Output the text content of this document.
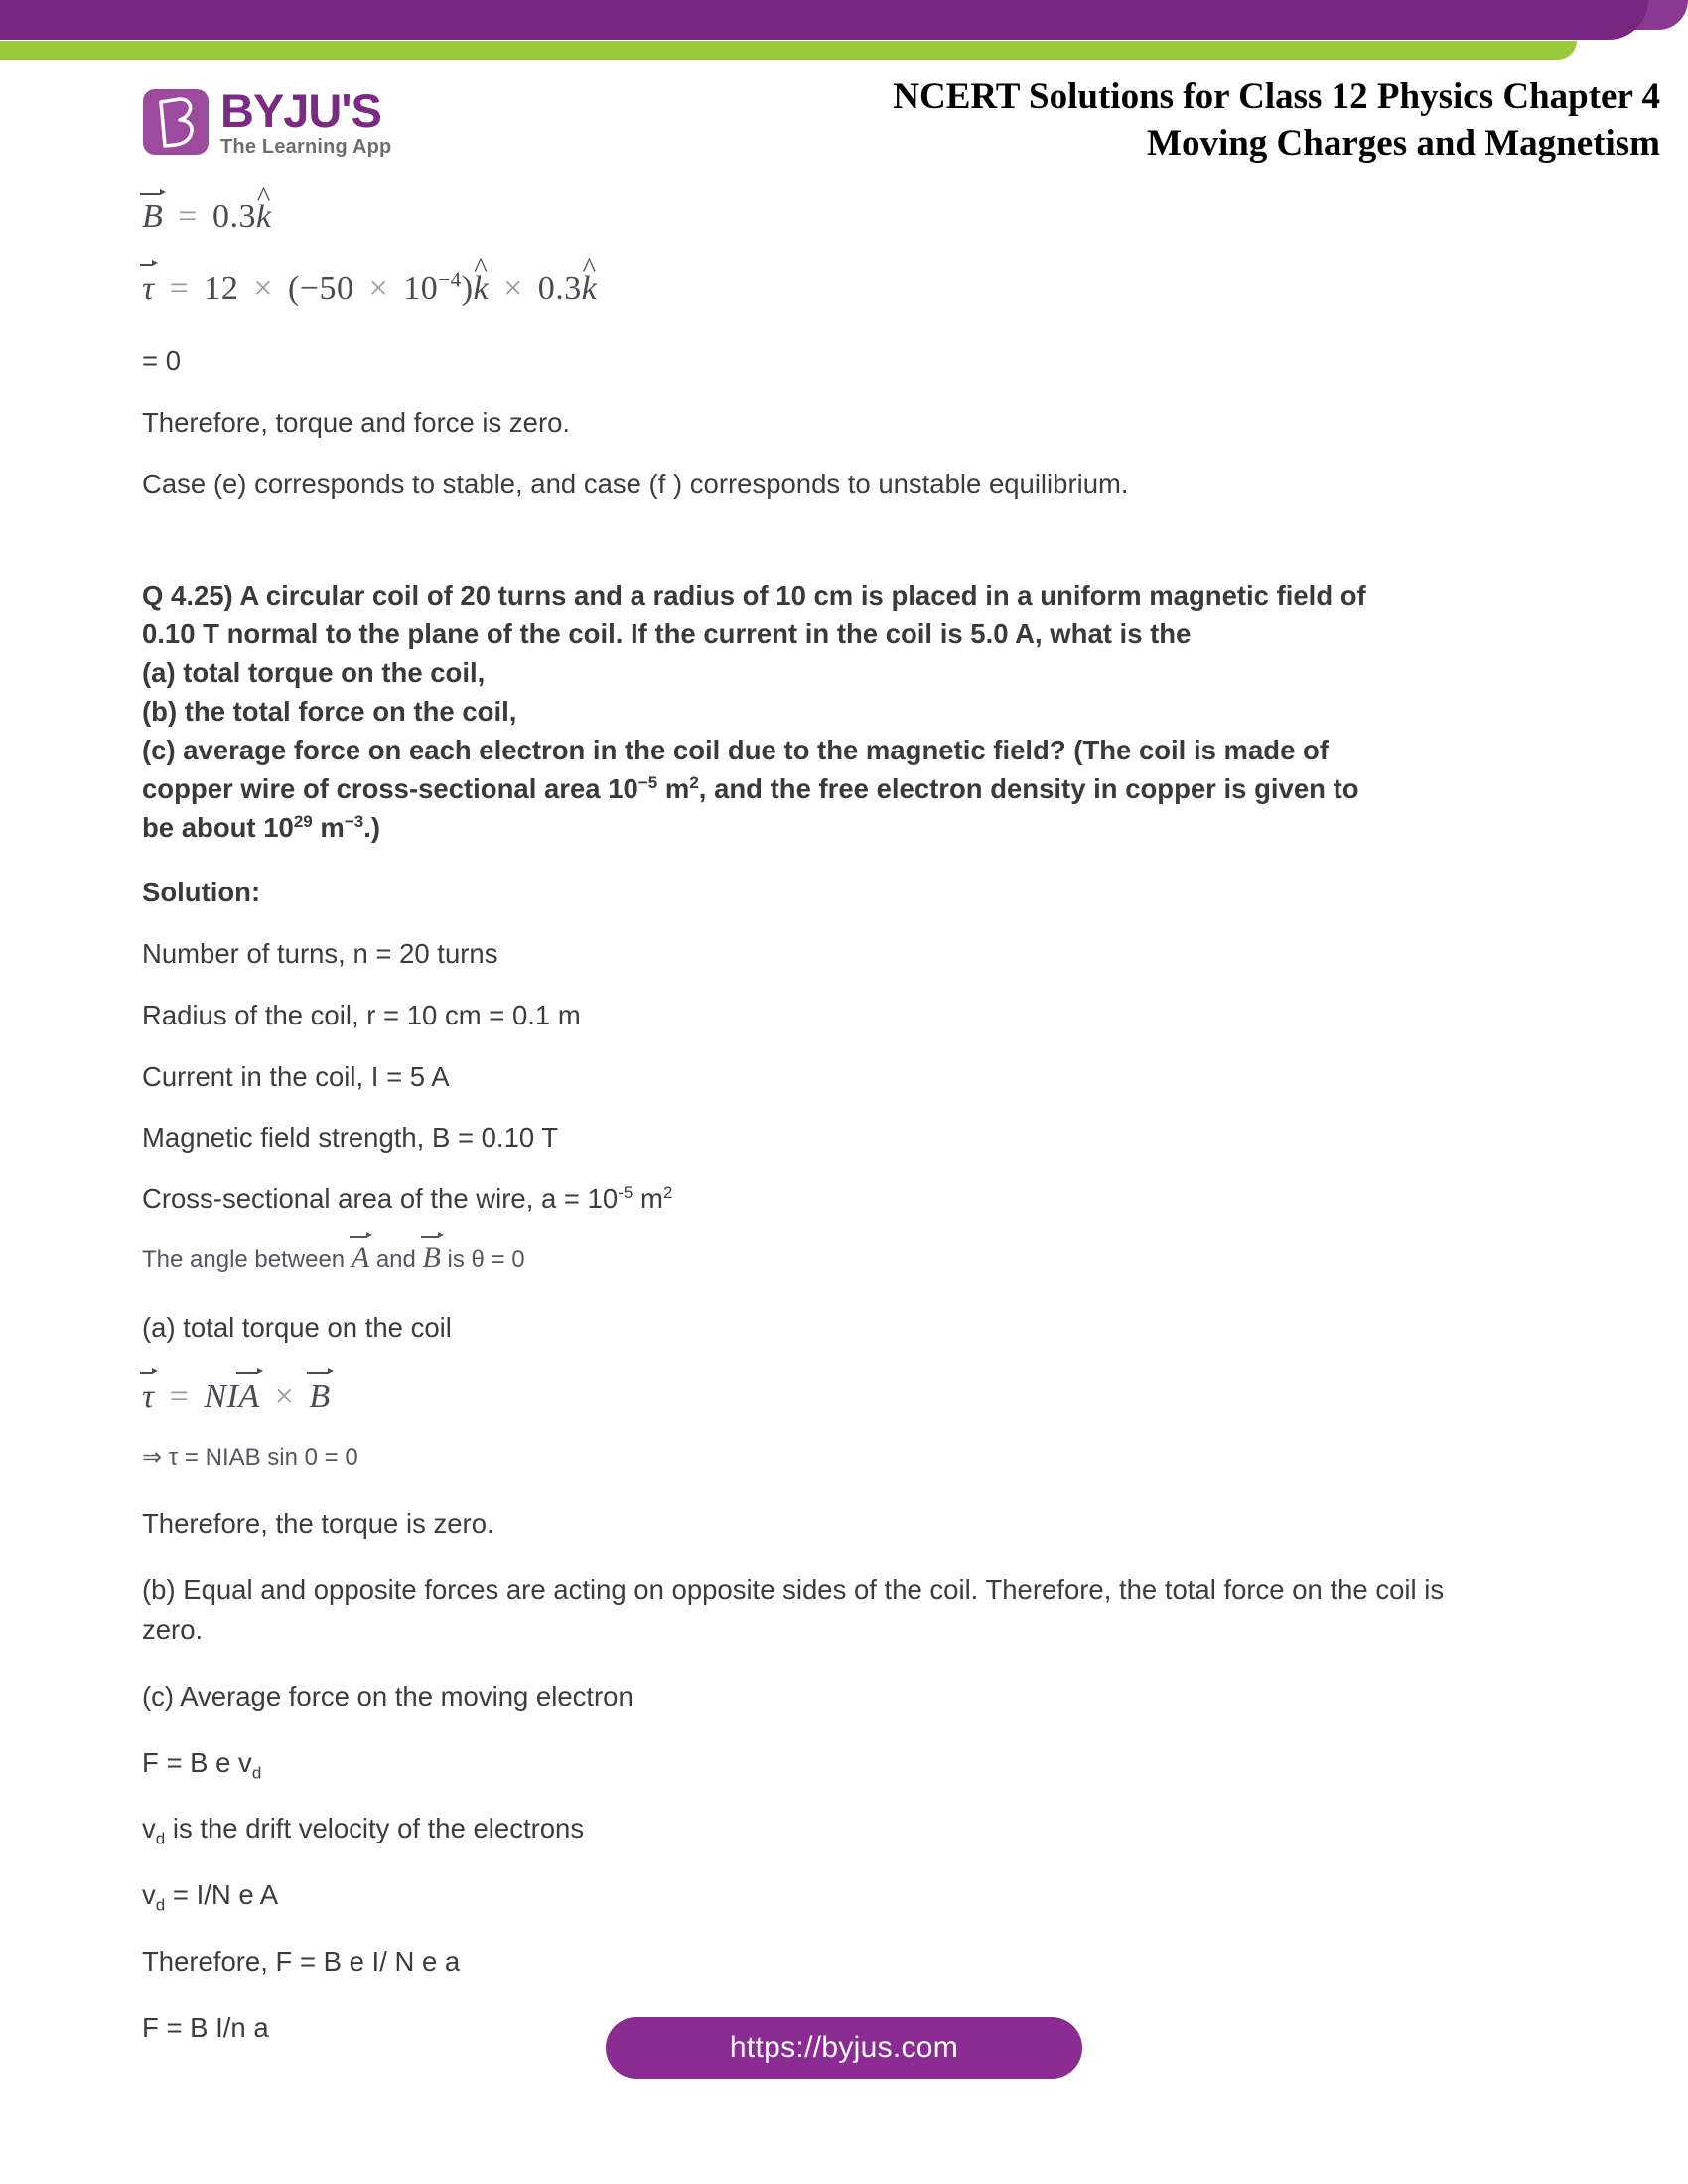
BYJU'S
The Learning App
NCERT Solutions for Class 12 Physics Chapter 4
Moving Charges and Magnetism
B = 0.3k ^
$\tau = 12 \times (-50 \times 10^{-4})k$ ^ × 0.3k ^
= 0
Therefore, torque and force is zero.
Case (e) corresponds to stable, and case (f ) corresponds to unstable equilibrium.
Q 4.25) A circular coil of 20 turns and a radius of 10 cm is placed in a uniform magnetic field of
0.10 T normal to the plane of the coil. If the current in the coil is 5.0 A, what is the
(a) total torque on the coil,
(b) the total force on the coil,
(c) average force on each electron in the coil due to the magnetic field? (The coil is made of
copper wire of cross-sectional area $10^{-5}$ $m^2$, and the free electron density in copper is given to
be about $10^{29}$ $m^{-3}$.)
Solution:
Number of turns, n = 20 turns
Radius of the coil, r = 10 cm = 0.1 m
Current in the coil, I = 5 A
Magnetic field strength, B = 0.10 T
Cross-sectional area of the wire, $a = 10^{-5}$ $m^2$
The angle between A and B is θ = 0
(a) total torque on the coil
τ = NIA × B
⇒ τ = NIAB sin 0 = 0
Therefore, the torque is zero.
(b) Equal and opposite forces are acting on opposite sides of the coil. Therefore, the total force on the coil is zero.
(c) Average force on the moving electron
F = B e $v_d$
$v_d$ is the drift velocity of the electrons
$v_d = I/N$ e A
Therefore, F = B e I/ N e a
F = B I/n a
https://byjus.com
